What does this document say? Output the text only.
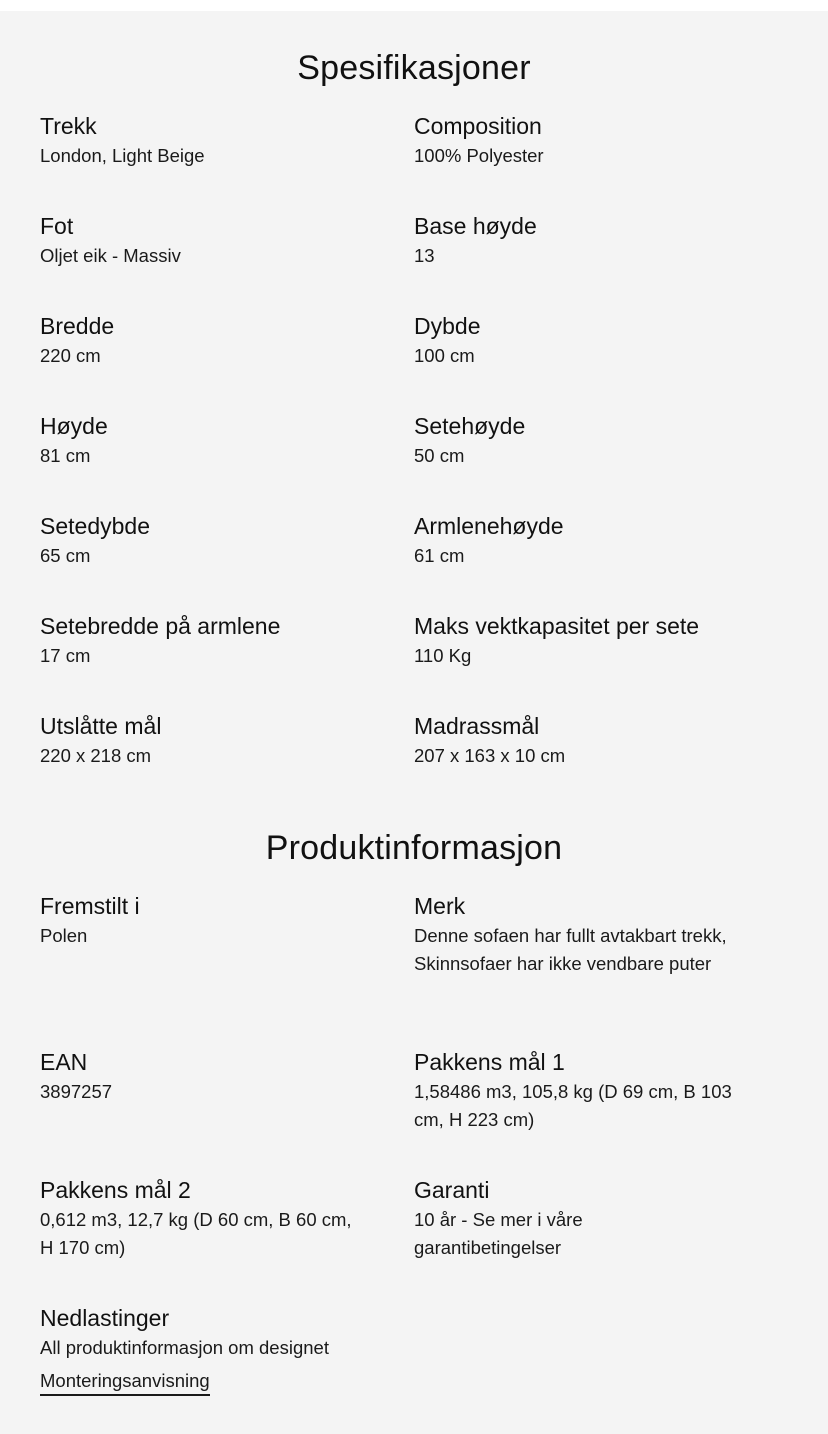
Spesifikasjoner
Trekk
London, Light Beige
Composition
100% Polyester
Fot
Oljet eik - Massiv
Base høyde
13
Bredde
220 cm
Dybde
100 cm
Høyde
81 cm
Setehøyde
50 cm
Setedybde
65 cm
Armlenehøyde
61 cm
Setebredde på armlene
17 cm
Maks vektkapasitet per sete
110 Kg
Utslåtte mål
220 x 218 cm
Madrassmål
207 x 163 x 10 cm
Produktinformasjon
Fremstilt i
Polen
Merk
Denne sofaen har fullt avtakbart trekk, Skinnsofaer har ikke vendbare puter
EAN
3897257
Pakkens mål 1
1,58486 m3, 105,8 kg (D 69 cm, B 103 cm, H 223 cm)
Pakkens mål 2
0,612 m3, 12,7 kg (D 60 cm, B 60 cm, H 170 cm)
Garanti
10 år - Se mer i våre garantibetingelser
Nedlastinger
All produktinformasjon om designet
Monteringsanvisning
